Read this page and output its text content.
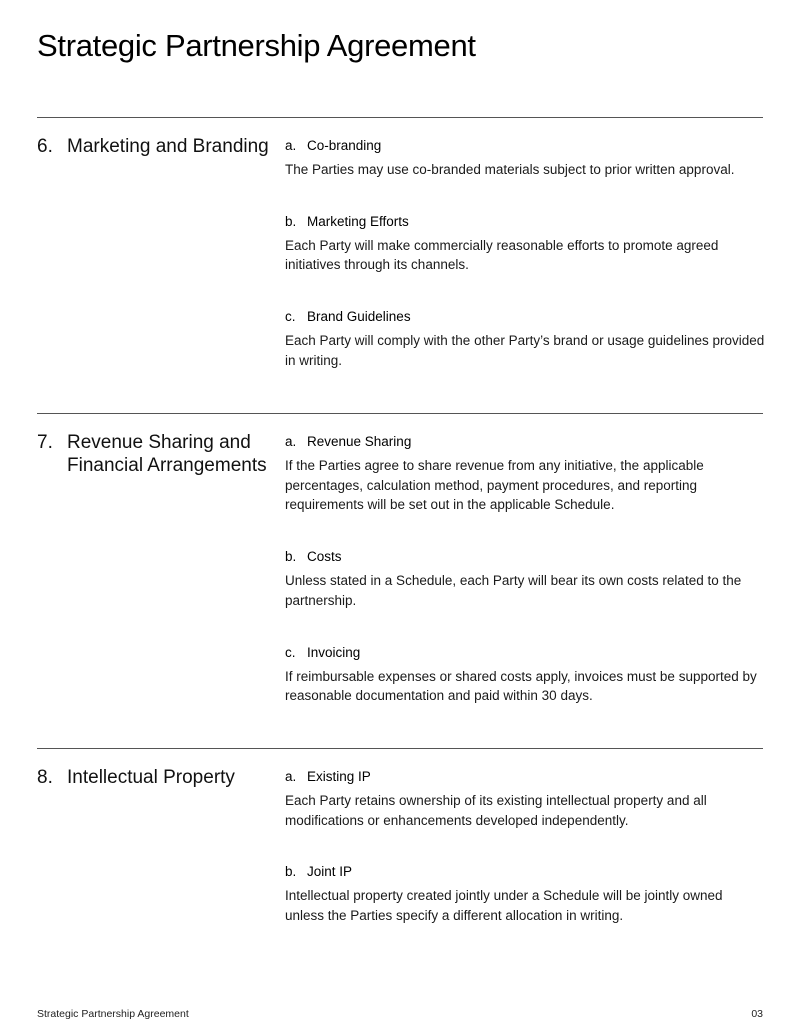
Strategic Partnership Agreement
6. Marketing and Branding	a. Co-branding
The Parties may use co-branded materials subject to prior written approval.
b. Marketing Efforts
Each Party will make commercially reasonable efforts to promote agreed initiatives through its channels.
c. Brand Guidelines
Each Party will comply with the other Party’s brand or usage guidelines provided in writing.
7. Revenue Sharing and Financial Arrangements
a. Revenue Sharing
If the Parties agree to share revenue from any initiative, the applicable percentages, calculation method, payment procedures, and reporting requirements will be set out in the applicable Schedule.
b. Costs
Unless stated in a Schedule, each Party will bear its own costs related to the partnership.
c. Invoicing
If reimbursable expenses or shared costs apply, invoices must be supported by reasonable documentation and paid within 30 days.
8. Intellectual Property	a. Existing IP
Each Party retains ownership of its existing intellectual property and all modifications or enhancements developed independently.
b. Joint IP
Intellectual property created jointly under a Schedule will be jointly owned unless the Parties specify a different allocation in writing.
Strategic Partnership Agreement	03
